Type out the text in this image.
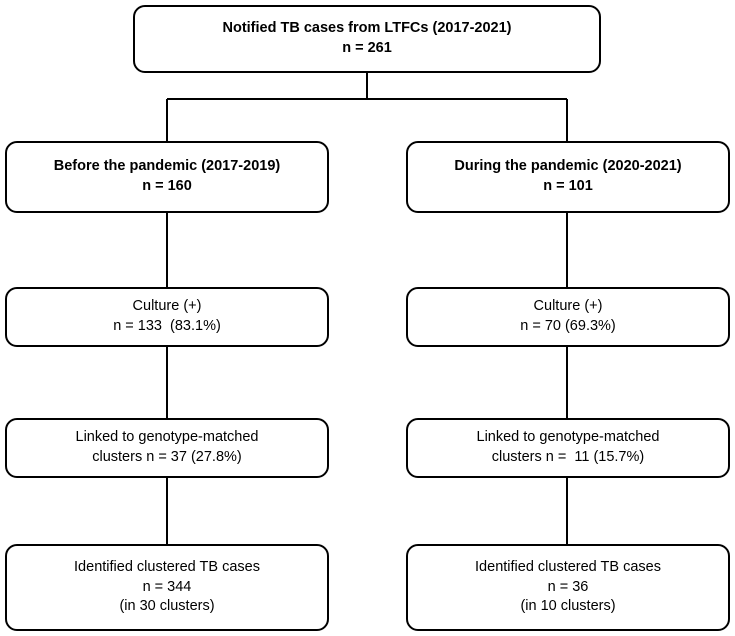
Notified TB cases from LTFCs (2017-2021)
n = 261
Before the pandemic (2017-2019)
n = 160
During the pandemic (2020-2021)
n = 101
Culture (+)
n = 133  (83.1%)
Culture (+)
n = 70 (69.3%)
Linked to genotype-matched
clusters n = 37 (27.8%)
Linked to genotype-matched
clusters n =  11 (15.7%)
Identified clustered TB cases
n = 344
(in 30 clusters)
Identified clustered TB cases
n = 36
(in 10 clusters)
